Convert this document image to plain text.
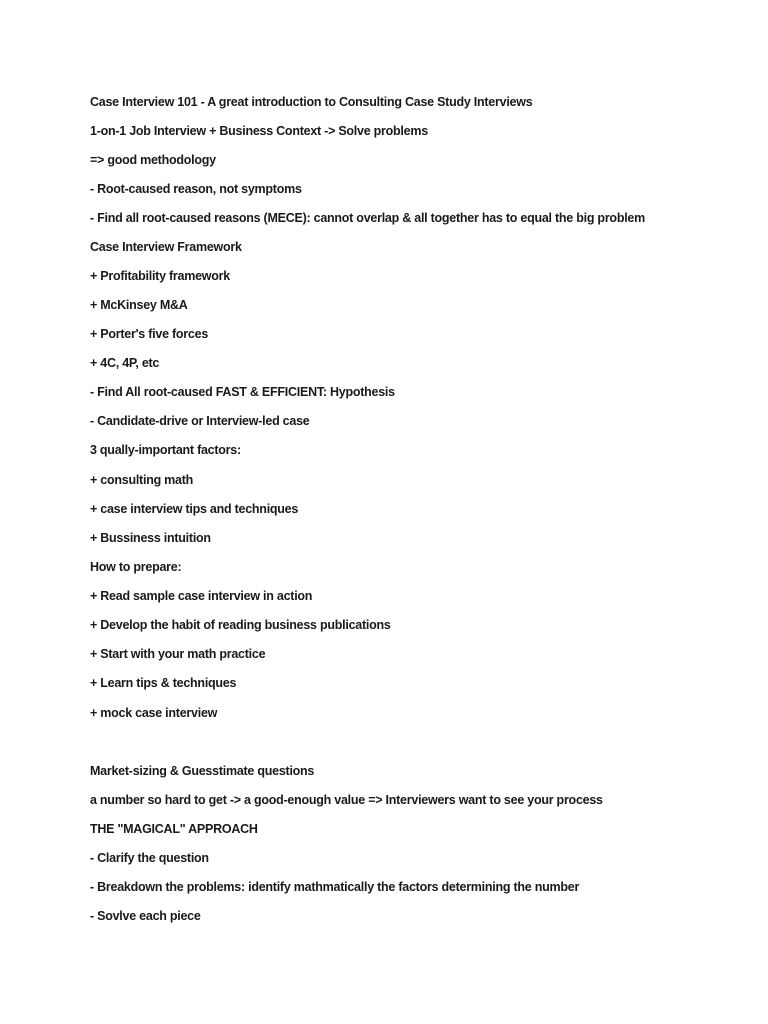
Case Interview 101 - A great introduction to Consulting Case Study Interviews

1-on-1 Job Interview + Business Context -> Solve problems

=> good methodology

- Root-caused reason, not symptoms

- Find all root-caused reasons (MECE): cannot overlap & all together has to equal the big problem

Case Interview Framework

+ Profitability framework

+ McKinsey M&A

+ Porter's five forces

+ 4C, 4P, etc

- Find All root-caused FAST & EFFICIENT: Hypothesis

- Candidate-drive or Interview-led case

3 qually-important factors:

+ consulting math

+ case interview tips and techniques

+ Bussiness intuition

How to prepare:

+ Read sample case interview in action

+ Develop the habit of reading business publications

+ Start with your math practice

+ Learn tips & techniques

+ mock case interview

Market-sizing & Guesstimate questions

a number so hard to get -> a good-enough value => Interviewers want to see your process

THE "MAGICAL" APPROACH

- Clarify the question

- Breakdown the problems: identify mathmatically the factors determining the number

- Sovlve each piece
